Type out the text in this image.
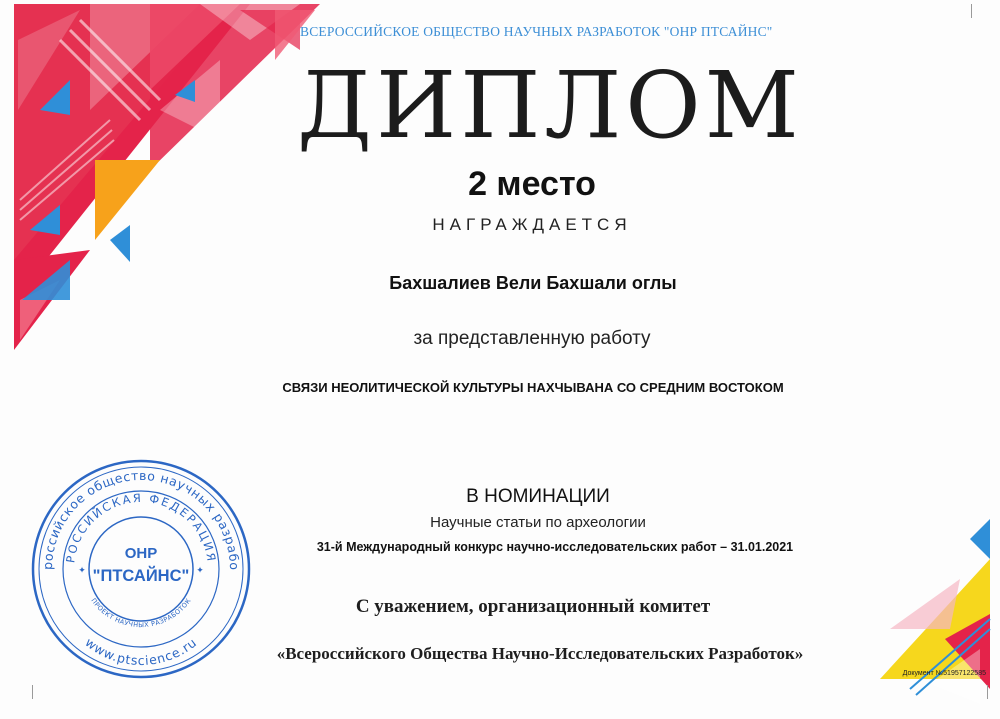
ВСЕРОССИЙСКОЕ ОБЩЕСТВО НАУЧНЫХ РАЗРАБОТОК "ОНР ПТСАЙНС"
ДИПЛОМ
2 место
НАГРАЖДАЕТСЯ
Бахшалиев Вели Бахшали оглы
за представленную работу
СВЯЗИ НЕОЛИТИЧЕСКОЙ КУЛЬТУРЫ НАХЧЫВАНА СО СРЕДНИМ ВОСТОКОМ
В НОМИНАЦИИ
Научные статьи по археологии
31-й Международный конкурс научно-исследовательских работ – 31.01.2021
С уважением, организационный комитет
«Всероссийского Общества Научно-Исследовательских Разработок»
Документ №51957122585
российское общество научных разрабо
РОССИЙСКАЯ ФЕДЕРАЦИЯ
www.ptscience.ru
ПРОЕКТ НАУЧНЫХ РАЗРАБОТОК
ОНР
"ПТСАЙНС"
✦	✦
